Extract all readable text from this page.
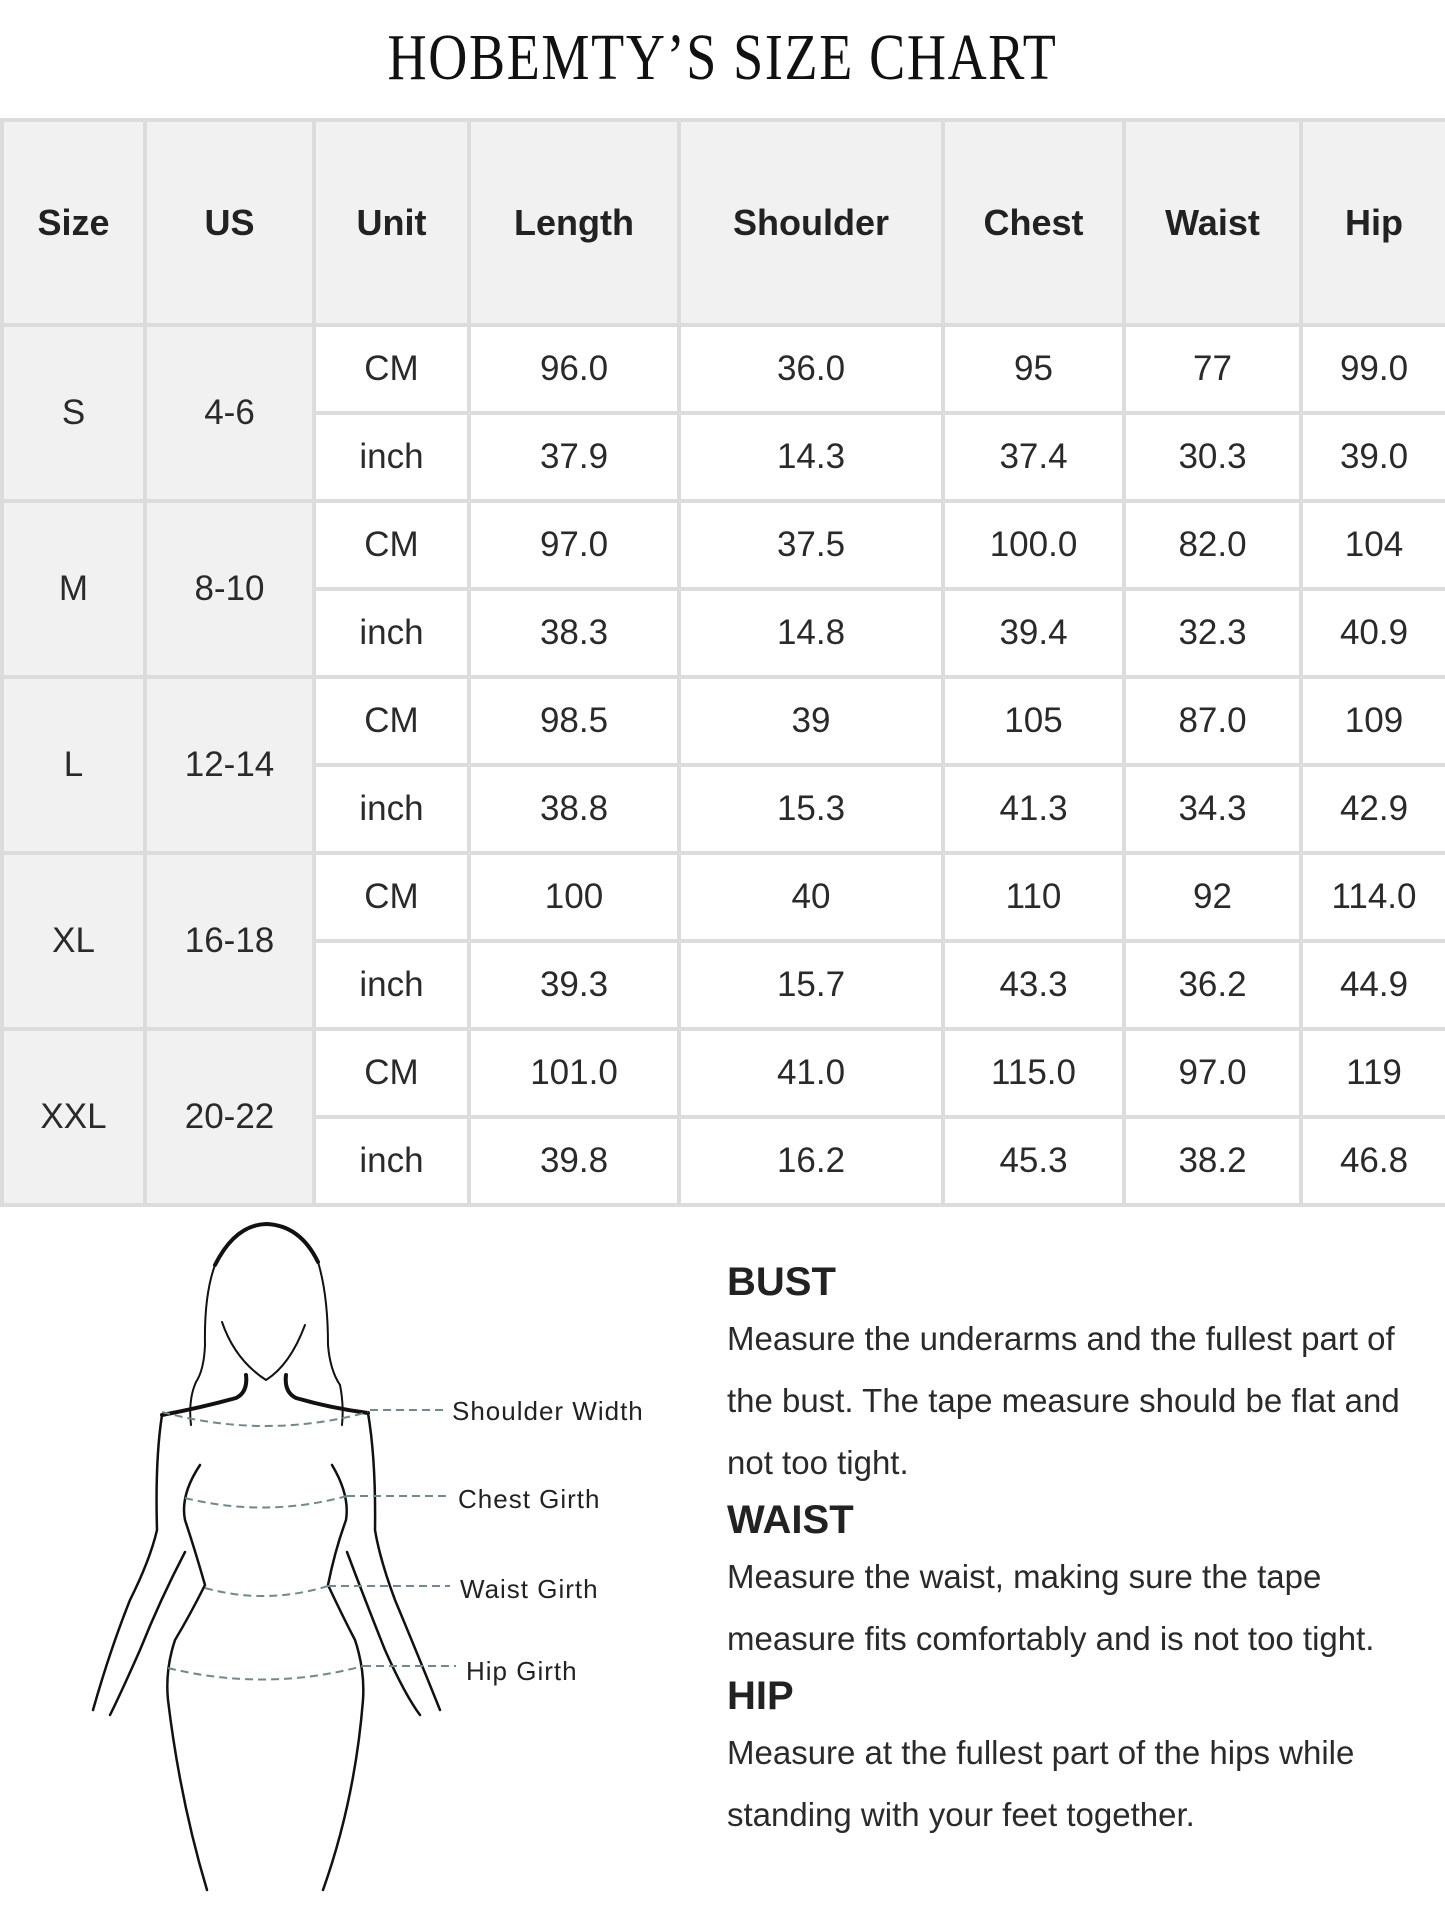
HOBEMTY’S SIZE CHART
Size	US	Unit	Length	Shoulder	Chest	Waist	Hip
S	4-6	CM	96.0	36.0	95	77	99.0
		inch	37.9	14.3	37.4	30.3	39.0
M	8-10	CM	97.0	37.5	100.0	82.0	104
		inch	38.3	14.8	39.4	32.3	40.9
L	12-14	CM	98.5	39	105	87.0	109
		inch	38.8	15.3	41.3	34.3	42.9
XL	16-18	CM	100	40	110	92	114.0
		inch	39.3	15.7	43.3	36.2	44.9
XXL	20-22	CM	101.0	41.0	115.0	97.0	119
		inch	39.8	16.2	45.3	38.2	46.8
Shoulder Width
Chest Girth
Waist Girth
Hip Girth
BUST

Measure the underarms and the fullest part of the bust. The tape measure should be flat and not too tight.

WAIST

Measure the waist, making sure the tape measure fits comfortably and is not too tight.

HIP

Measure at the fullest part of the hips while standing with your feet together.
